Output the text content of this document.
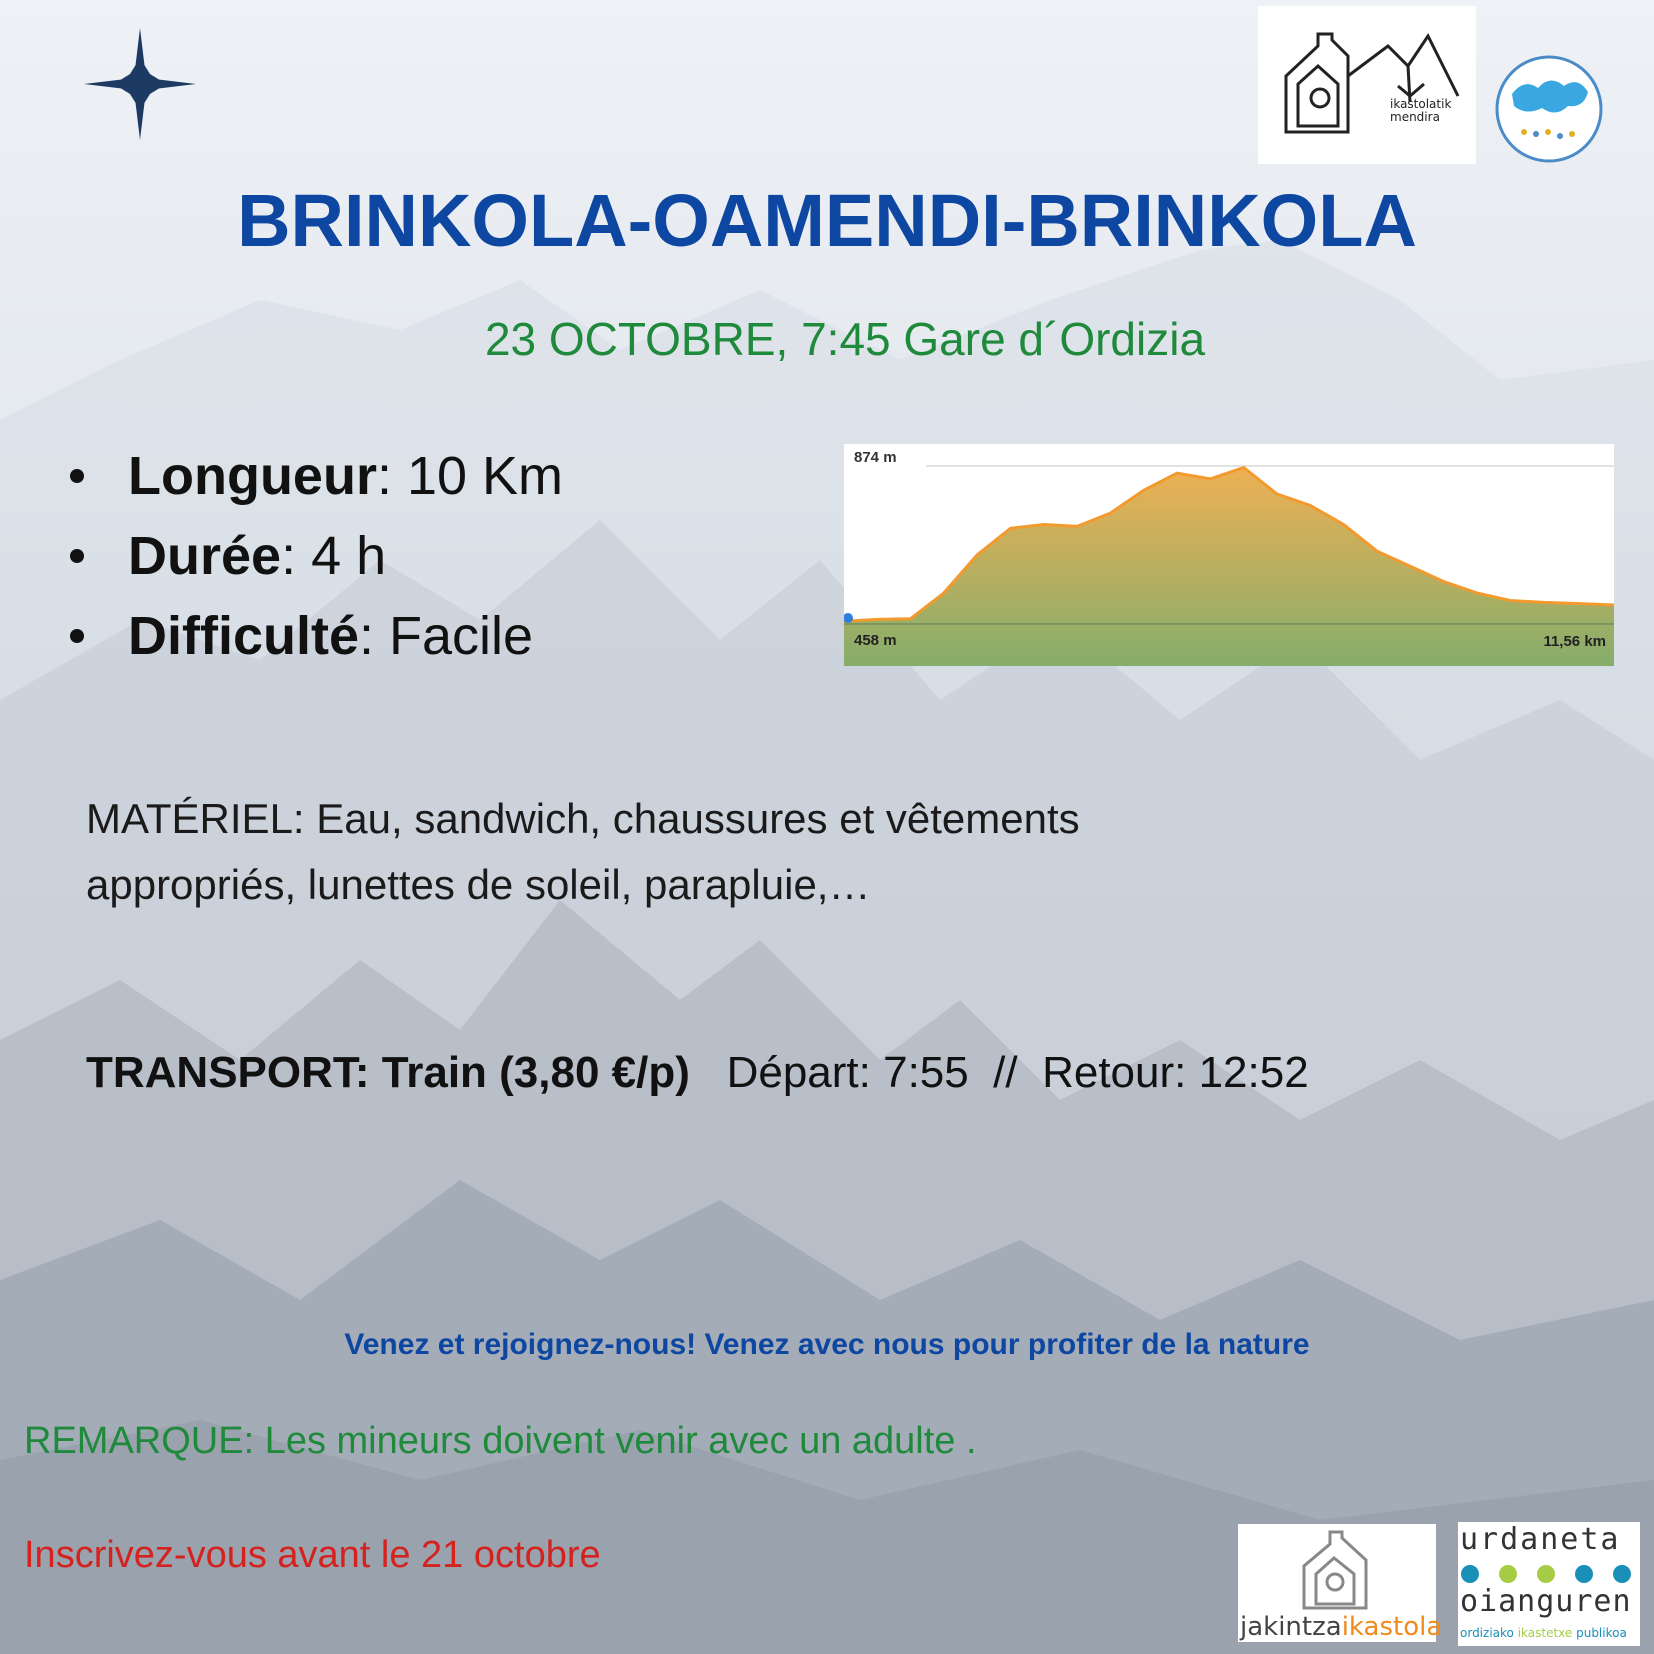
ikastolatik mendira
BRINKOLA-OAMENDI-BRINKOLA
23 OCTOBRE, 7:45 Gare d´Ordizia
Longueur: 10 Km
Durée: 4 h
Difficulté: Facile
874 m
458 m	11,56 km
MATÉRIEL: Eau, sandwich, chaussures et vêtements appropriés, lunettes de soleil, parapluie,…
TRANSPORT: Train (3,80 €/p) Départ: 7:55  //  Retour: 12:52
Venez et rejoignez-nous! Venez avec nous pour profiter de la nature
REMARQUE: Les mineurs doivent venir avec un adulte .
Inscrivez-vous avant le 21 octobre
jakintzaikastola
urdaneta
oianguren
ordiziako ikastetxe publikoa
